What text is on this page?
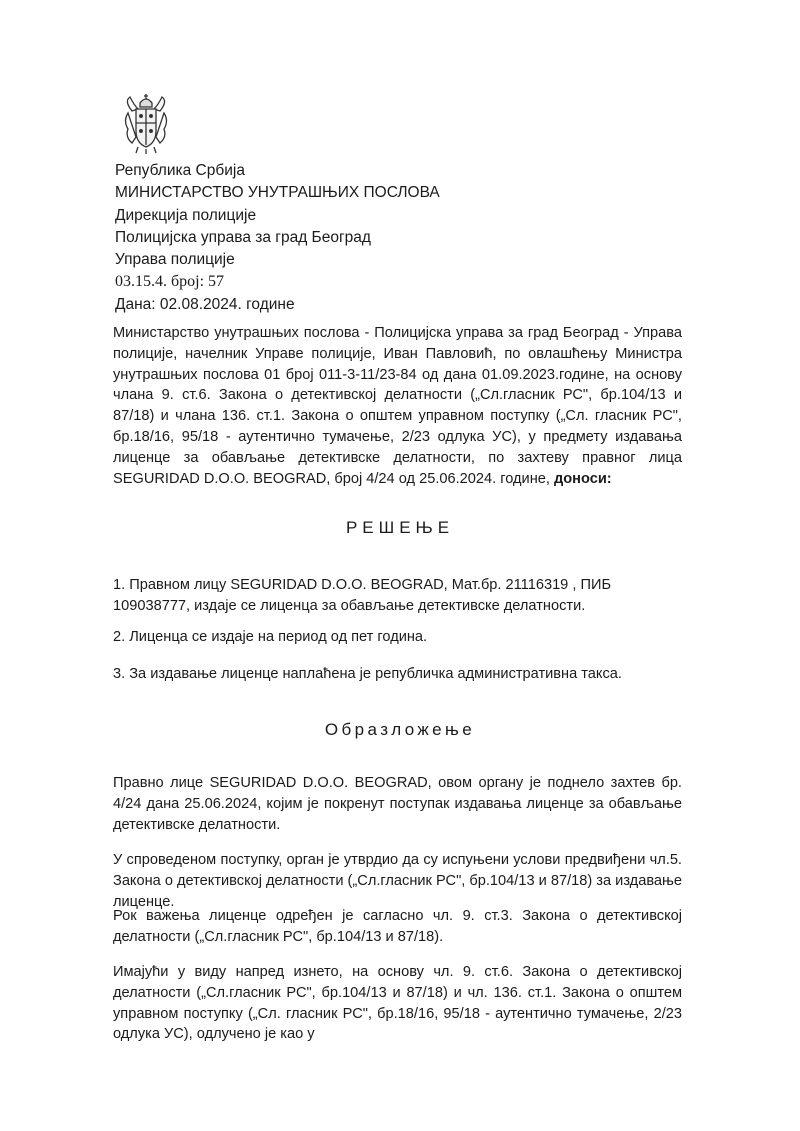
Република Србија
МИНИСТАРСТВО УНУТРАШЊИХ ПОСЛОВА
Дирекција полиције
Полицијска управа за град Београд
Управа полиције
03.15.4. број: 57
Дана: 02.08.2024. године
Министарство унутрашњих послова - Полицијска управа за град Београд - Управа полиције, начелник Управе полиције, Иван Павловић, по овлашћењу Министра унутрашњих послова 01 број 011-3-11/23-84 од дана 01.09.2023.године, на основу члана 9. ст.6. Закона о детективској делатности („Сл.гласник РС", бр.104/13 и 87/18) и члана 136. ст.1. Закона о општем управном поступку („Сл. гласник РС", бр.18/16, 95/18 - аутентично тумачење, 2/23 одлука УС), у предмету издавања лиценце за обављање детективске делатности, по захтеву правног лица SEGURIDAD D.O.O. BEOGRAD, број 4/24 од 25.06.2024. године, доноси:
РЕШЕЊЕ
1. Правном лицу SEGURIDAD D.O.O. BEOGRAD, Мат.бр. 21116319 , ПИБ 109038777, издаје се лиценца за обављање детективске делатности.
2. Лиценца се издаје на период од пет година.
3. За издавање лиценце наплаћена је републичка административна такса.
Образложење
Правно лице SEGURIDAD D.O.O. BEOGRAD, овом органу је поднело захтев бр. 4/24 дана 25.06.2024, којим је покренут поступак издавања лиценце за обављање детективске делатности.
У спроведеном поступку, орган је утврдио да су испуњени услови предвиђени чл.5. Закона о детективској делатности („Сл.гласник РС", бр.104/13 и 87/18) за издавање лиценце.
Рок важења лиценце одређен је сагласно чл. 9. ст.3. Закона о детективској делатности („Сл.гласник РС", бр.104/13 и 87/18).
Имајући у виду напред изнето, на основу чл. 9. ст.6. Закона о детективској делатности („Сл.гласник РС", бр.104/13 и 87/18) и чл. 136. ст.1. Закона о општем управном поступку („Сл. гласник РС", бр.18/16, 95/18 - аутентично тумачење, 2/23 одлука УС), одлучено је као у
